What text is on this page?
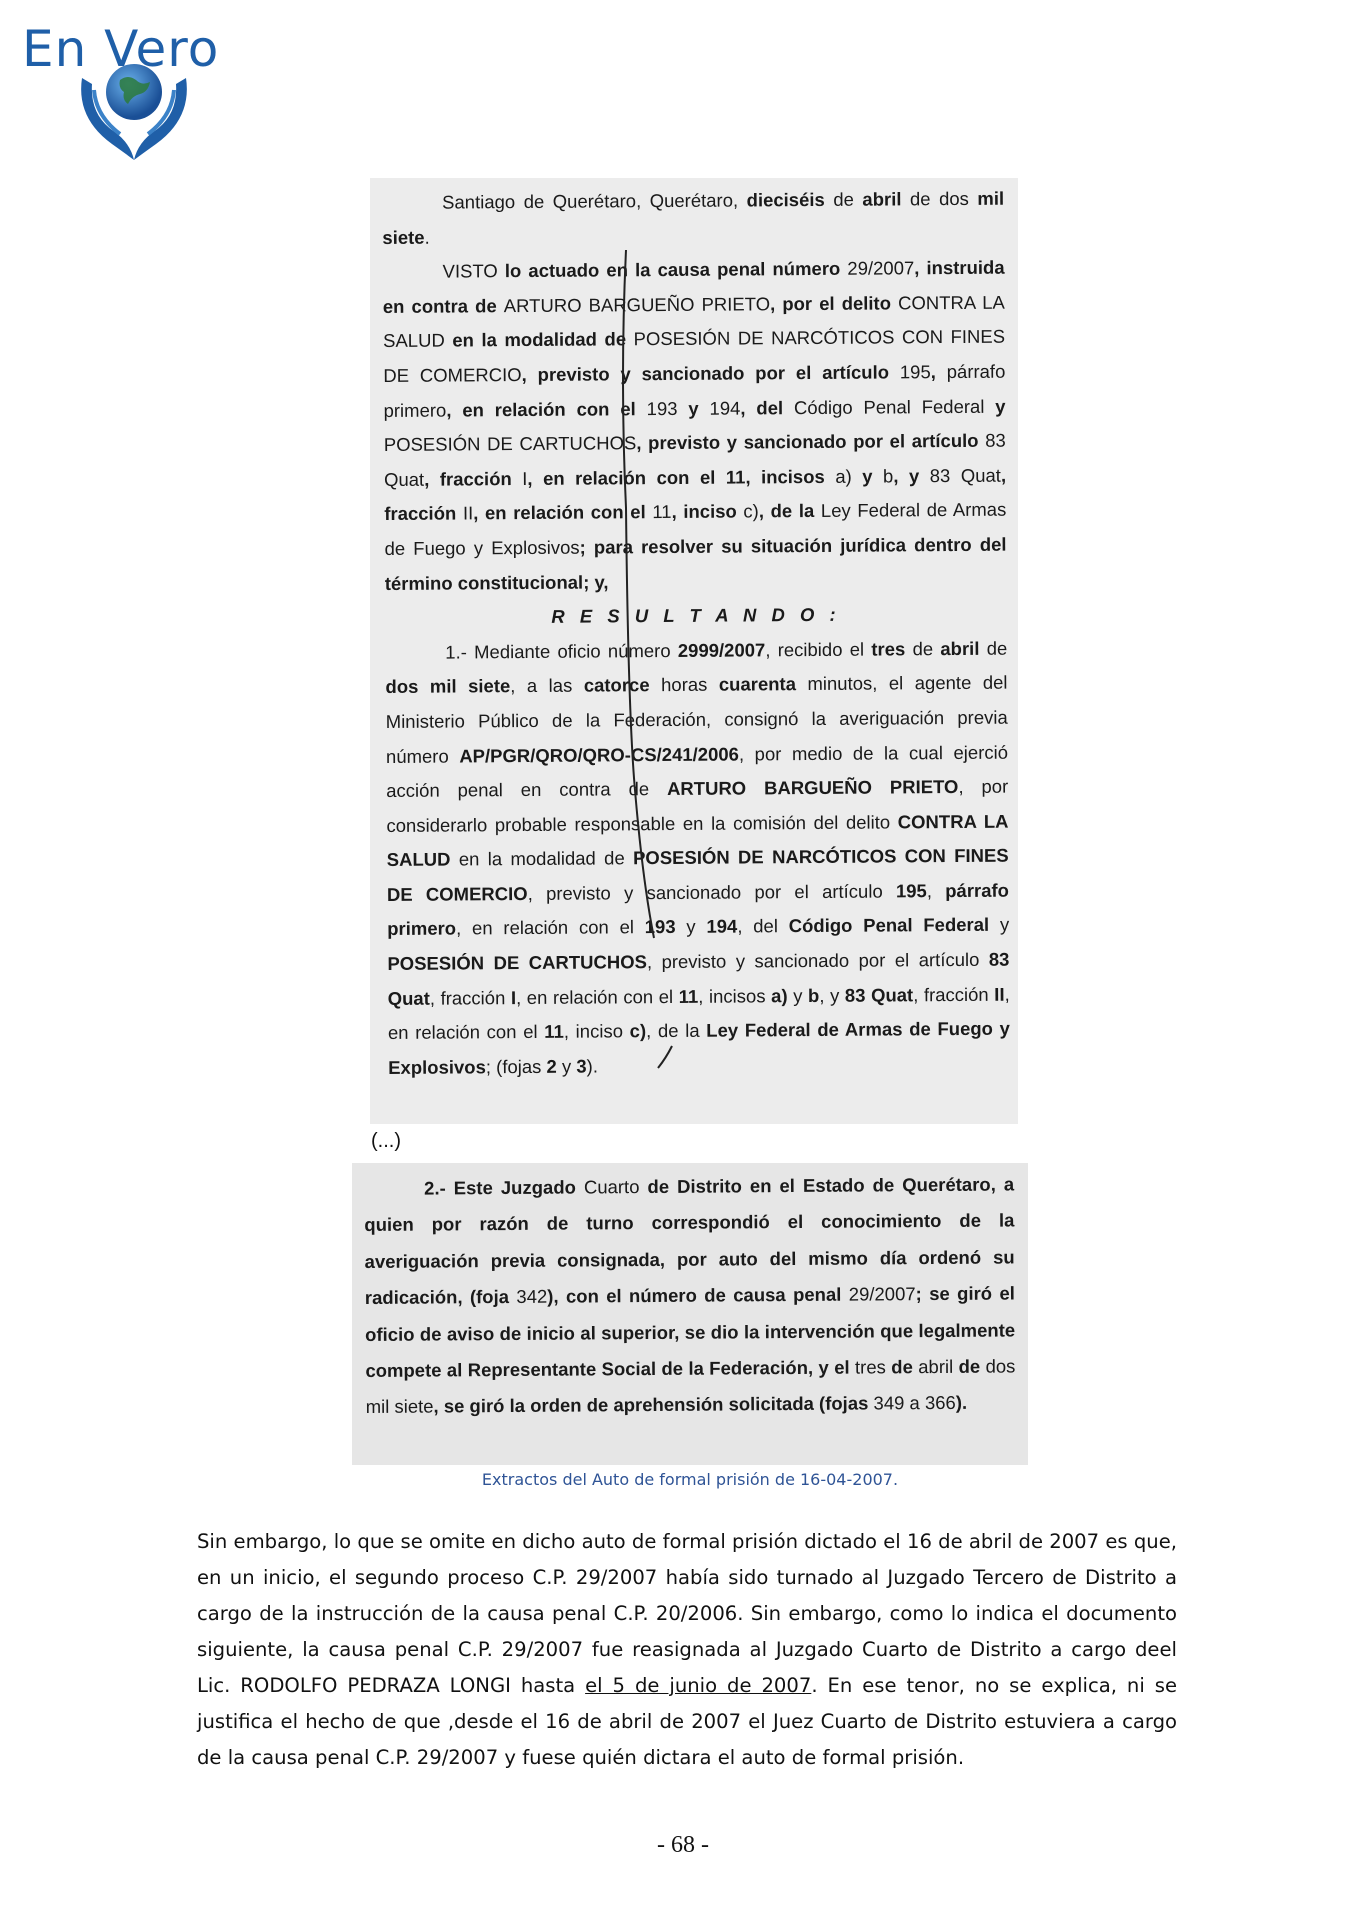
En Vero

Santiago de Querétaro, Querétaro, dieciséis de abril de dos mil siete.

VISTO lo actuado en la causa penal número 29/2007, instruida en contra de ARTURO BARGUEÑO PRIETO, por el delito CONTRA LA SALUD en la modalidad de POSESIÓN DE NARCÓTICOS CON FINES DE COMERCIO, previsto y sancionado por el artículo 195, párrafo primero, en relación con el 193 y 194, del Código Penal Federal y POSESIÓN DE CARTUCHOS, previsto y sancionado por el artículo 83 Quat, fracción I, en relación con el 11, incisos a) y b, y 83 Quat, fracción II, en relación con el 11, inciso c), de la Ley Federal de Armas de Fuego y Explosivos; para resolver su situación jurídica dentro del término constitucional; y,

R E S U L T A N D O :

1.- Mediante oficio número 2999/2007, recibido el tres de abril de dos mil siete, a las catorce horas cuarenta minutos, el agente del Ministerio Público de la Federación, consignó la averiguación previa número AP/PGR/QRO/QRO-CS/241/2006, por medio de la cual ejerció acción penal en contra de ARTURO BARGUEÑO PRIETO, por considerarlo probable responsable en la comisión del delito CONTRA LA SALUD en la modalidad de POSESIÓN DE NARCÓTICOS CON FINES DE COMERCIO, previsto y sancionado por el artículo 195, párrafo primero, en relación con el 193 y 194, del Código Penal Federal y POSESIÓN DE CARTUCHOS, previsto y sancionado por el artículo 83 Quat, fracción I, en relación con el 11, incisos a) y b, y 83 Quat, fracción II, en relación con el 11, inciso c), de la Ley Federal de Armas de Fuego y Explosivos; (fojas 2 y 3).

(...)

2.- Este Juzgado Cuarto de Distrito en el Estado de Querétaro, a quien por razón de turno correspondió el conocimiento de la averiguación previa consignada, por auto del mismo día ordenó su radicación, (foja 342), con el número de causa penal 29/2007; se giró el oficio de aviso de inicio al superior, se dio la intervención que legalmente compete al Representante Social de la Federación, y el tres de abril de dos mil siete, se giró la orden de aprehensión solicitada (fojas 349 a 366).

Extractos del Auto de formal prisión de 16-04-2007.

Sin embargo, lo que se omite en dicho auto de formal prisión dictado el 16 de abril de 2007 es que, en un inicio, el segundo proceso C.P. 29/2007 había sido turnado al Juzgado Tercero de Distrito a cargo de la instrucción de la causa penal C.P. 20/2006. Sin embargo, como lo indica el documento siguiente, la causa penal C.P. 29/2007 fue reasignada al Juzgado Cuarto de Distrito a cargo deel Lic. RODOLFO PEDRAZA LONGI hasta el 5 de junio de 2007. En ese tenor, no se explica, ni se justifica el hecho de que ,desde el 16 de abril de 2007 el Juez Cuarto de Distrito estuviera a cargo de la causa penal C.P. 29/2007 y fuese quién dictara el auto de formal prisión.

- 68 -
